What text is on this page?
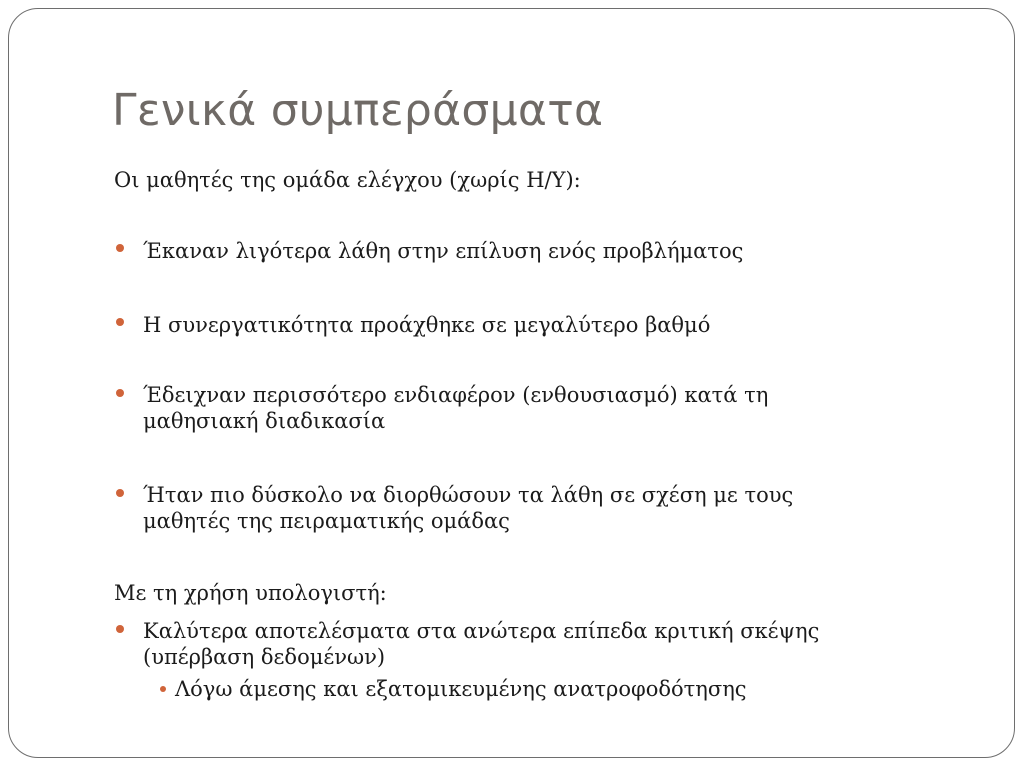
Γενικά συμπεράσματα
Οι μαθητές της ομάδα ελέγχου (χωρίς Η/Υ):
Έκαναν λιγότερα λάθη στην επίλυση ενός προβλήματος
Η συνεργατικότητα προάχθηκε σε μεγαλύτερο βαθμό
Έδειχναν περισσότερο ενδιαφέρον (ενθουσιασμό) κατά τη
μαθησιακή διαδικασία
Ήταν πιο δύσκολο να διορθώσουν τα λάθη σε σχέση με τους
μαθητές της πειραματικής ομάδας
Με τη χρήση υπολογιστή:
Καλύτερα αποτελέσματα στα ανώτερα επίπεδα κριτική σκέψης
(υπέρβαση δεδομένων)
Λόγω άμεσης και εξατομικευμένης ανατροφοδότησης
